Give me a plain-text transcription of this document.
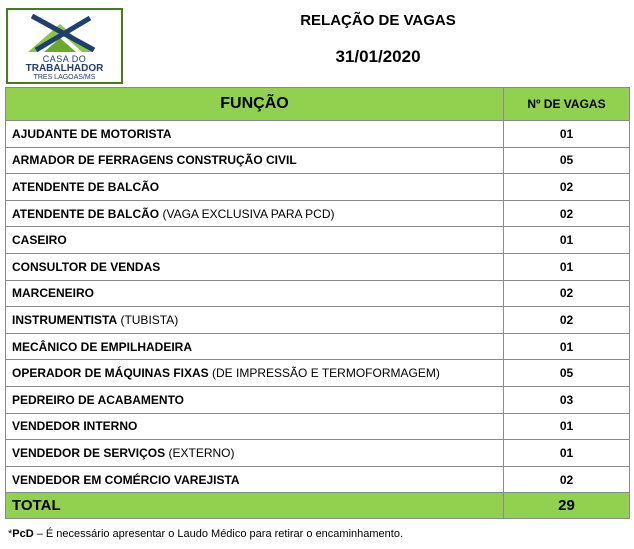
CASA DO
TRABALHADOR
TRES LAGOAS/MS
RELAÇÃO DE VAGAS
31/01/2020
FUNÇÃO	Nº DE VAGAS
AJUDANTE DE MOTORISTA	01
ARMADOR DE FERRAGENS CONSTRUÇÃO CIVIL	05
ATENDENTE DE BALCÃO	02
ATENDENTE DE BALCÃO (VAGA EXCLUSIVA PARA PCD)	02
CASEIRO	01
CONSULTOR DE VENDAS	01
MARCENEIRO	02
INSTRUMENTISTA (TUBISTA)	02
MECÂNICO DE EMPILHADEIRA	01
OPERADOR DE MÁQUINAS FIXAS (DE IMPRESSÃO E TERMOFORMAGEM)	05
PEDREIRO DE ACABAMENTO	03
VENDEDOR INTERNO	01
VENDEDOR DE SERVIÇOS (EXTERNO)	01
VENDEDOR EM COMÉRCIO VAREJISTA	02
TOTAL	29
*PcD – É necessário apresentar o Laudo Médico para retirar o encaminhamento.
